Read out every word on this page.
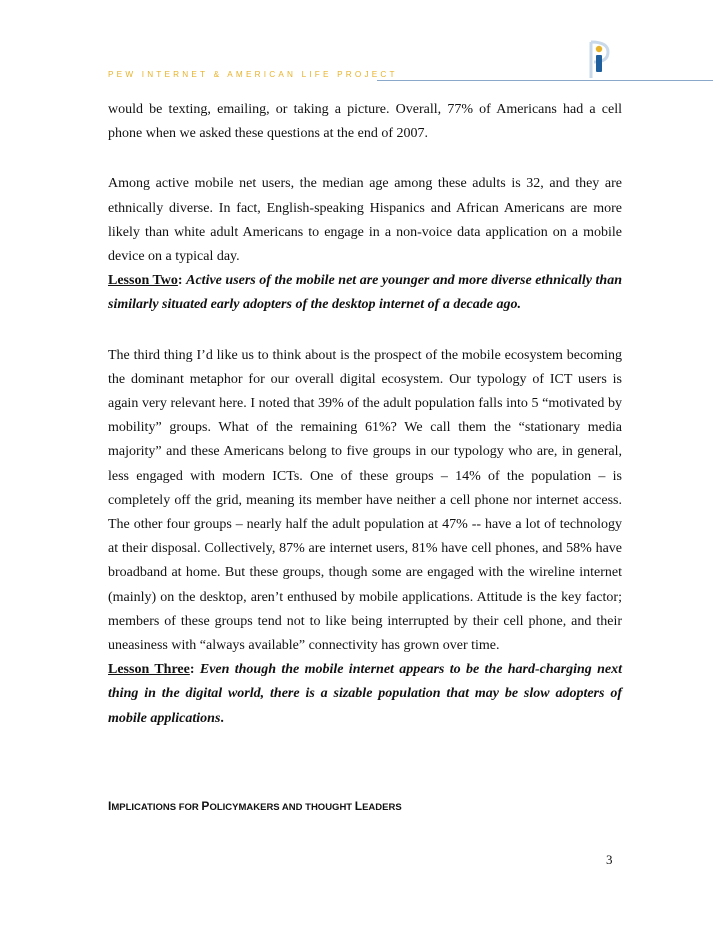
PEW INTERNET & AMERICAN LIFE PROJECT

would be texting, emailing, or taking a picture. Overall, 77% of Americans had a cell phone when we asked these questions at the end of 2007.

Among active mobile net users, the median age among these adults is 32, and they are ethnically diverse. In fact, English-speaking Hispanics and African Americans are more likely than white adult Americans to engage in a non-voice data application on a mobile device on a typical day.

Lesson Two: Active users of the mobile net are younger and more diverse ethnically than similarly situated early adopters of the desktop internet of a decade ago.

The third thing I’d like us to think about is the prospect of the mobile ecosystem becoming the dominant metaphor for our overall digital ecosystem. Our typology of ICT users is again very relevant here. I noted that 39% of the adult population falls into 5 “motivated by mobility” groups. What of the remaining 61%? We call them the “stationary media majority” and these Americans belong to five groups in our typology who are, in general, less engaged with modern ICTs. One of these groups – 14% of the population – is completely off the grid, meaning its member have neither a cell phone nor internet access. The other four groups – nearly half the adult population at 47% -- have a lot of technology at their disposal. Collectively, 87% are internet users, 81% have cell phones, and 58% have broadband at home. But these groups, though some are engaged with the wireline internet (mainly) on the desktop, aren’t enthused by mobile applications. Attitude is the key factor; members of these groups tend not to like being interrupted by their cell phone, and their uneasiness with “always available” connectivity has grown over time.

Lesson Three: Even though the mobile internet appears to be the hard-charging next thing in the digital world, there is a sizable population that may be slow adopters of mobile applications.

IMPLICATIONS FOR POLICYMAKERS AND THOUGHT LEADERS
3
